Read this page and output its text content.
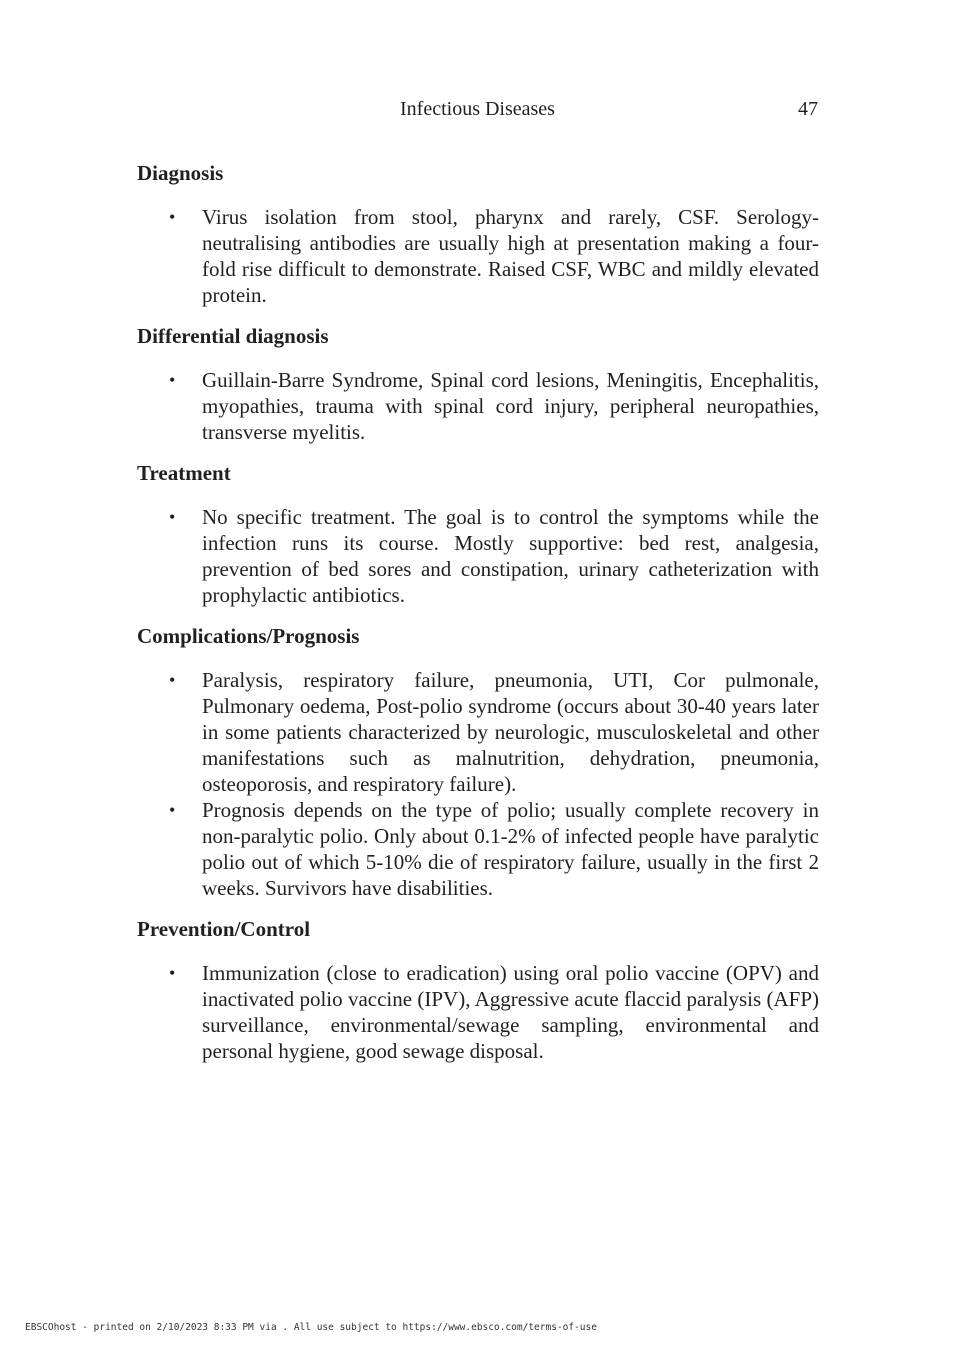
Infectious Diseases	47
Diagnosis
• Virus isolation from stool, pharynx and rarely, CSF. Serology-neutralising antibodies are usually high at presentation making a four-fold rise difficult to demonstrate. Raised CSF, WBC and mildly elevated protein.
Differential diagnosis
• Guillain-Barre Syndrome, Spinal cord lesions, Meningitis, Encephalitis, myopathies, trauma with spinal cord injury, peripheral neuropathies, transverse myelitis.
Treatment
• No specific treatment. The goal is to control the symptoms while the infection runs its course. Mostly supportive: bed rest, analgesia, prevention of bed sores and constipation, urinary catheterization with prophylactic antibiotics.
Complications/Prognosis
• Paralysis, respiratory failure, pneumonia, UTI, Cor pulmonale, Pulmonary oedema, Post-polio syndrome (occurs about 30-40 years later in some patients characterized by neurologic, musculoskeletal and other manifestations such as malnutrition, dehydration, pneumonia, osteoporosis, and respiratory failure).
• Prognosis depends on the type of polio; usually complete recovery in non-paralytic polio. Only about 0.1-2% of infected people have paralytic polio out of which 5-10% die of respiratory failure, usually in the first 2 weeks. Survivors have disabilities.
Prevention/Control
• Immunization (close to eradication) using oral polio vaccine (OPV) and inactivated polio vaccine (IPV), Aggressive acute flaccid paralysis (AFP) surveillance, environmental/sewage sampling, environmental and personal hygiene, good sewage disposal.
EBSCOhost - printed on 2/10/2023 8:33 PM via . All use subject to https://www.ebsco.com/terms-of-use
